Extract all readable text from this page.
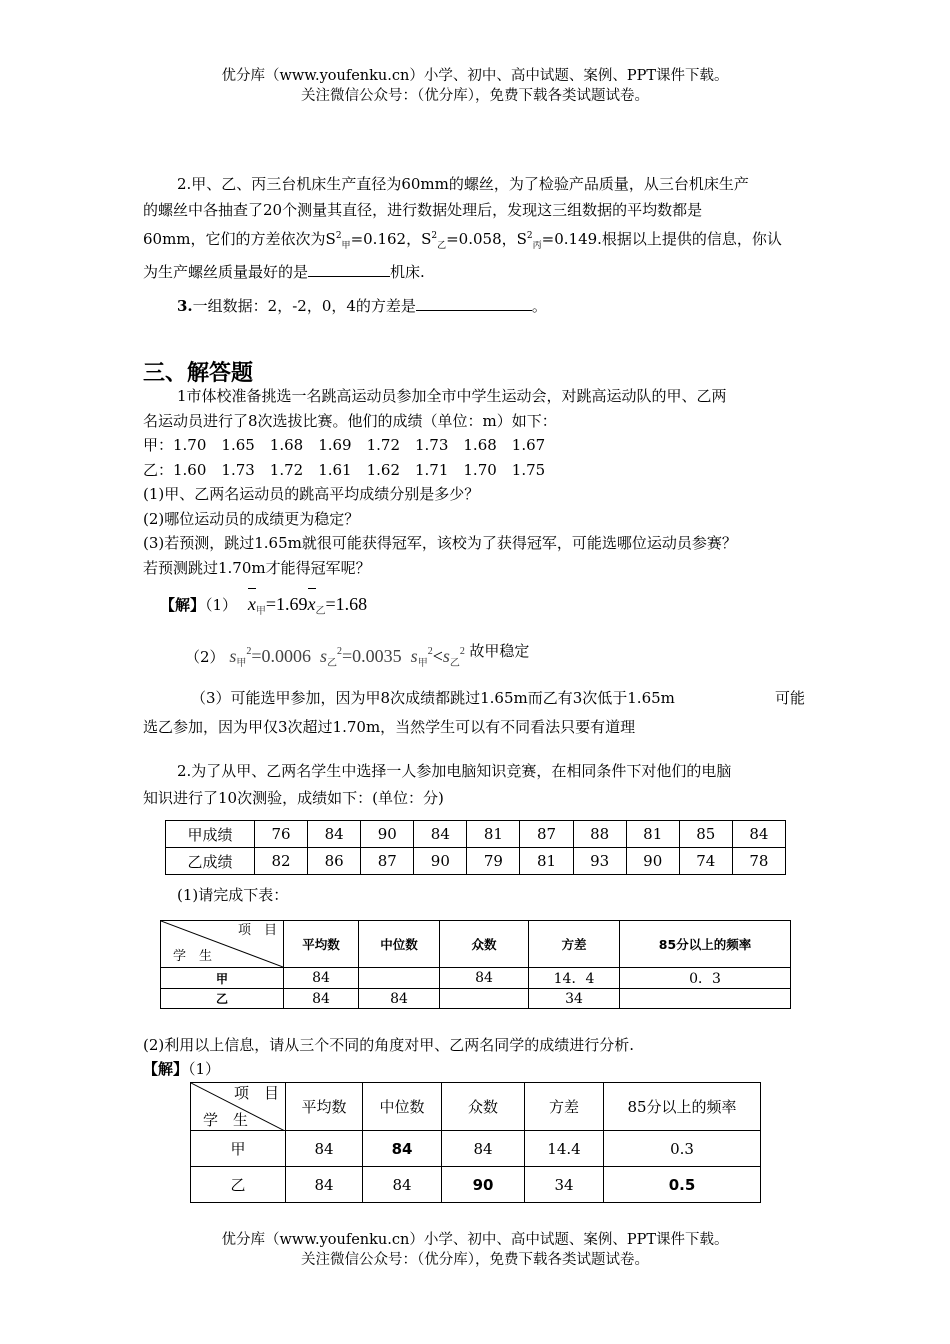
优分库（www.youfenku.cn）小学、初中、高中试题、案例、PPT课件下载。
关注微信公众号：（优分库），免费下载各类试题试卷。
2.甲、乙、丙三台机床生产直径为60mm的螺丝，为了检验产品质量，从三台机床生产
的螺丝中各抽查了20个测量其直径，进行数据处理后，发现这三组数据的平均数都是
60mm，它们的方差依次为$S^2_甲=0.162$，$S^2_乙=0.058$，$S^2_丙=0.149$.根据以上提供的信息，你认
为生产螺丝质量最好的是	机床.
3.一组数据：2，-2，0，4的方差是	。
三、解答题
1市体校准备挑选一名跳高运动员参加全市中学生运动会，对跳高运动队的甲、乙两
名运动员进行了8次选拔比赛。他们的成绩（单位：m）如下：
甲：1.70　1.65　1.68　1.69　1.72　1.73　1.68　1.67
乙：1.60　1.73　1.72　1.61　1.62　1.71　1.70　1.75
(1)甲、乙两名运动员的跳高平均成绩分别是多少？
(2)哪位运动员的成绩更为稳定？
(3)若预测，跳过1.65m就很可能获得冠军，该校为了获得冠军，可能选哪位运动员参赛？
若预测跳过1.70m才能得冠军呢？
【解】（1） $x_甲=1.69$
$x_乙=1.68$
（2） $s_甲^2=0.0006$ $s_乙^2=0.0035$ $s_甲^2<s_乙^2$ 故甲稳定
（3）可能选甲参加，因为甲8次成绩都跳过1.65m而乙有3次低于1.65m	可能
选乙参加，因为甲仅3次超过1.70m，当然学生可以有不同看法只要有道理
2.为了从甲、乙两名学生中选择一人参加电脑知识竞赛，在相同条件下对他们的电脑
知识进行了10次测验，成绩如下：(单位：分)
甲成绩	76	84	90	84	81	87	88	81	85	84
乙成绩	82	86	87	90	79	81	93	90	74	78
(1)请完成下表：
项　目
学　生	平均数	中位数	众数	方差	85分以上的频率
甲	84		84	14．4	0．3
乙	84	84		34	
(2)利用以上信息，请从三个不同的角度对甲、乙两名同学的成绩进行分析.
【解】（1）
项　目
学　生	平均数	中位数	众数	方差	85分以上的频率
甲	84	84	84	14.4	0.3
乙	84	84	90	34	0.5
优分库（www.youfenku.cn）小学、初中、高中试题、案例、PPT课件下载。
关注微信公众号：（优分库），免费下载各类试题试卷。
